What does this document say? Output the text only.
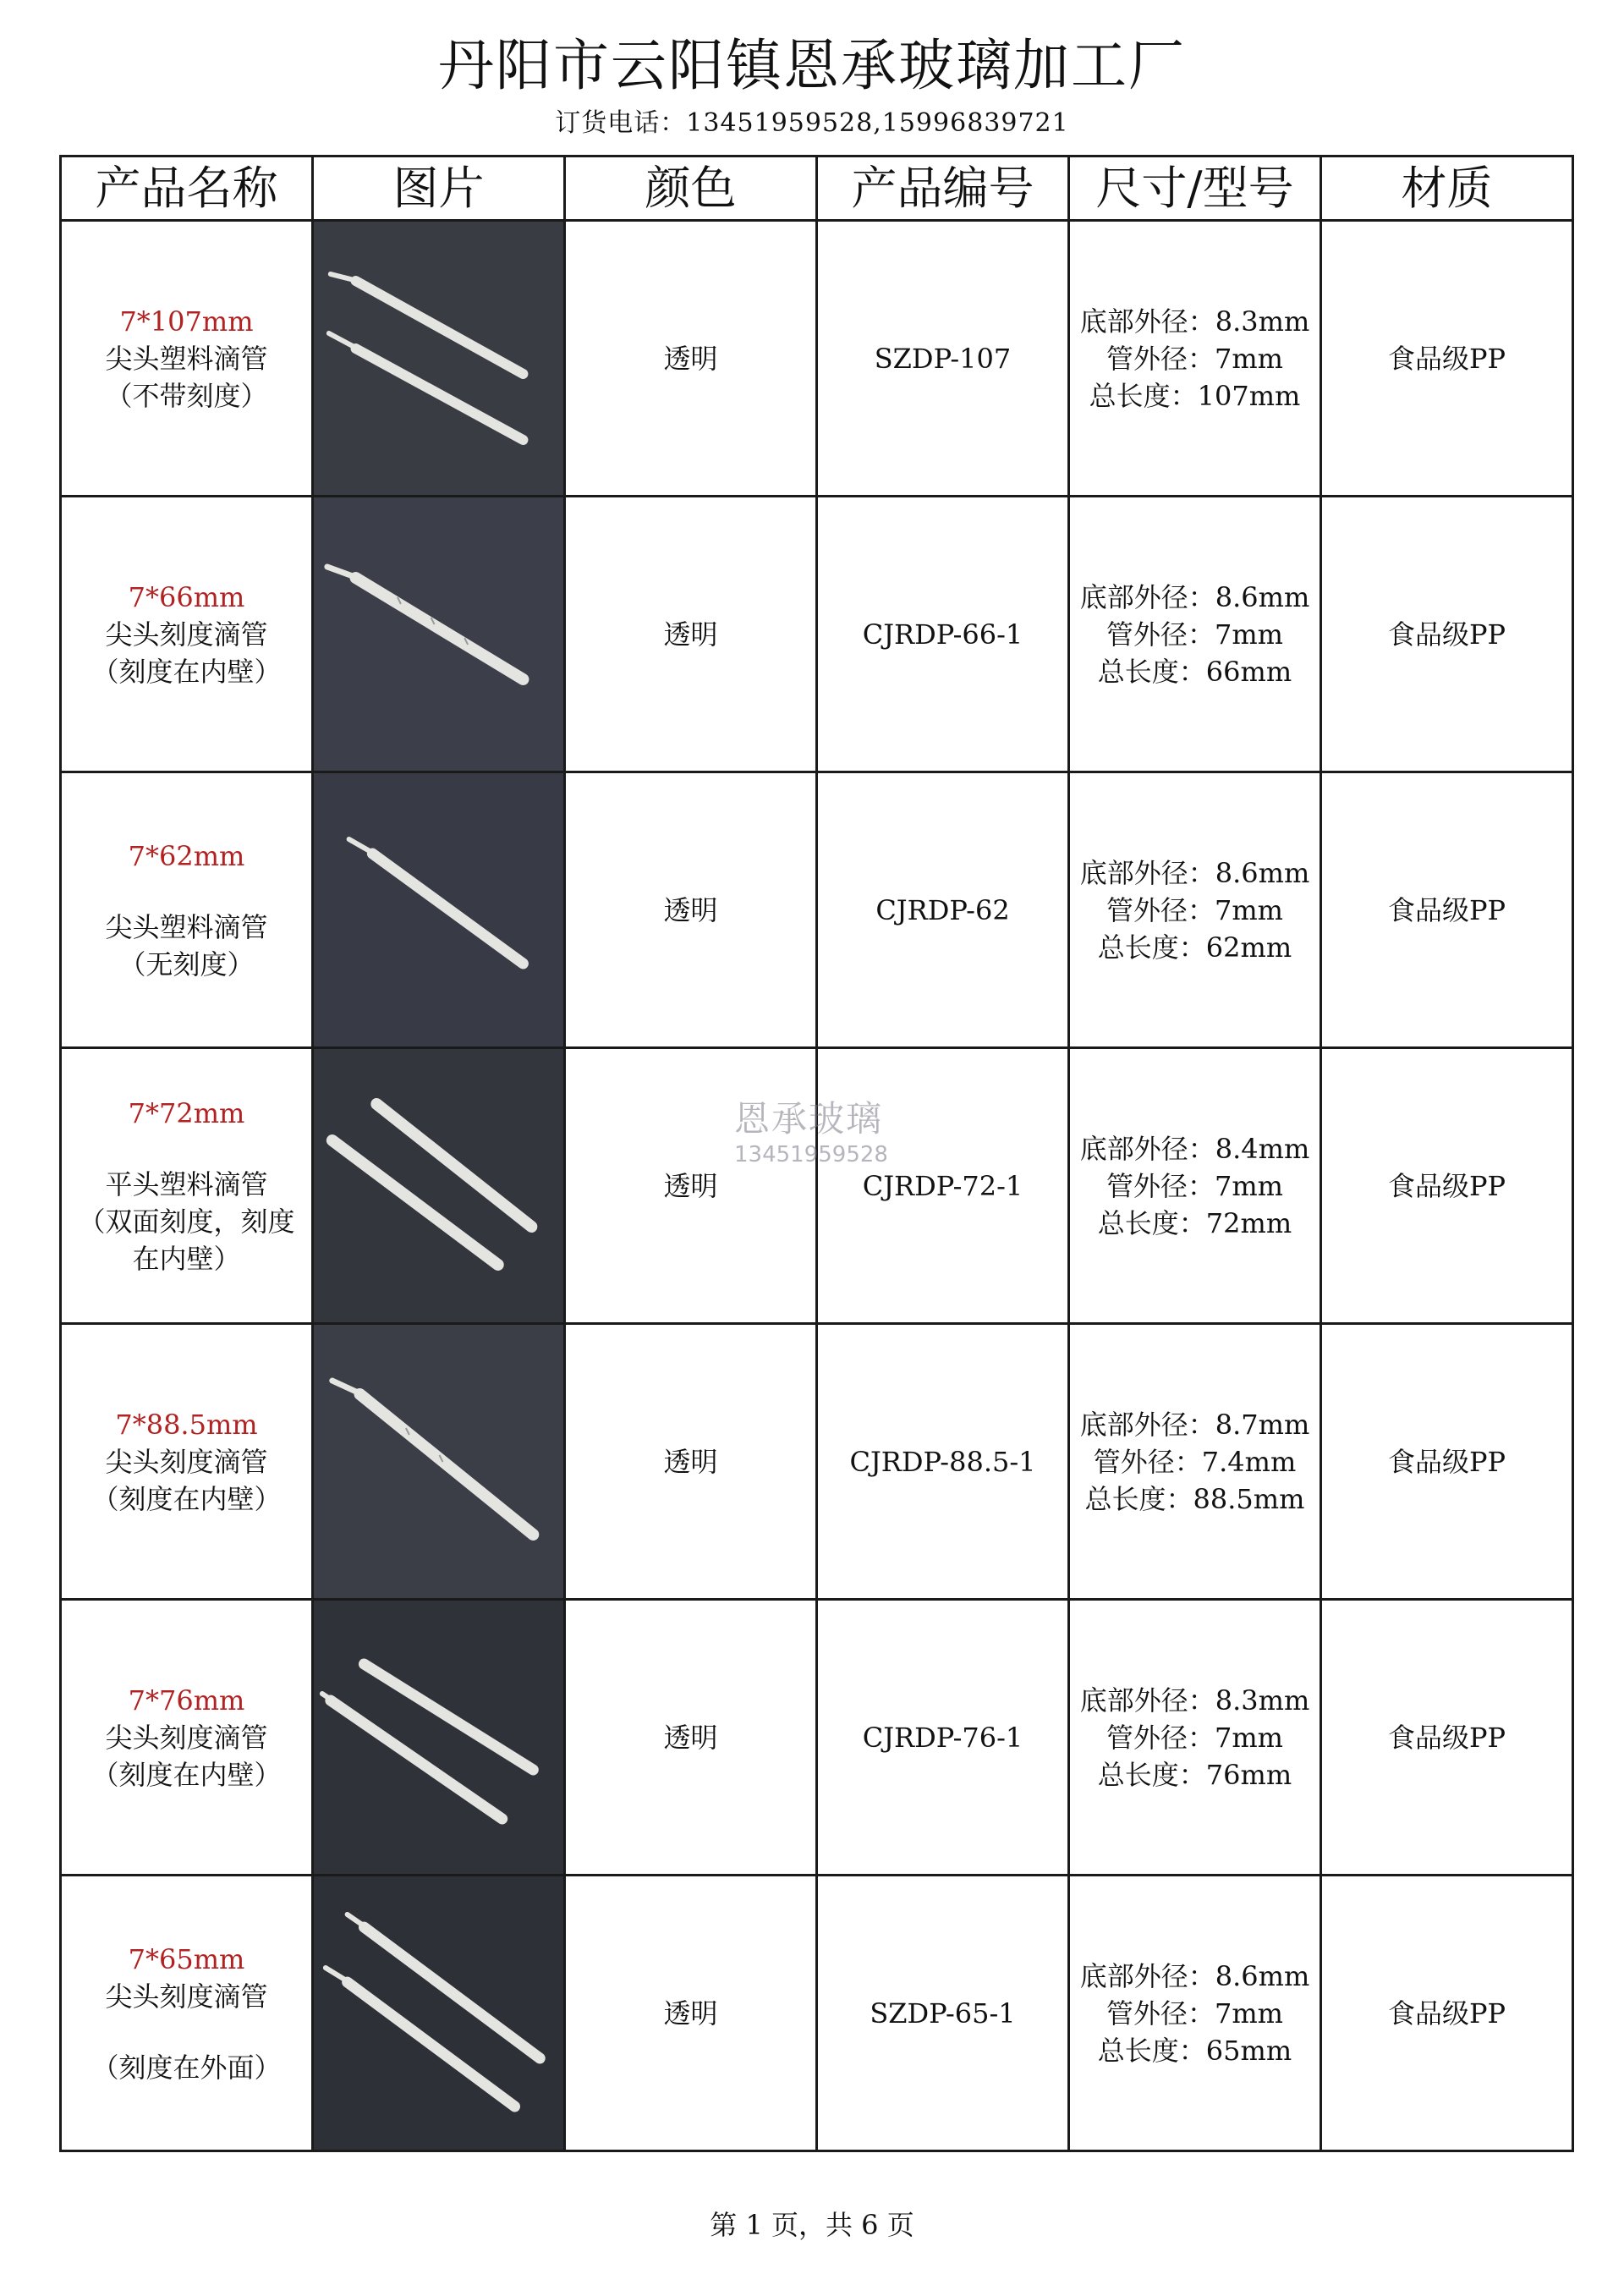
丹阳市云阳镇恩承玻璃加工厂
订货电话：13451959528,15996839721
产品名称	图片	颜色	产品编号	尺寸/型号	材质

7*107mm
尖头塑料滴管
（不带刻度）		透明	SZDP-107	底部外径：8.3mm
管外径：7mm
总长度：107mm	食品级PP

7*66mm
尖头刻度滴管
（刻度在内壁）		透明	CJRDP-66-1	底部外径：8.6mm
管外径：7mm
总长度：66mm	食品级PP

7*62mm
尖头塑料滴管
（无刻度）		透明	CJRDP-62	底部外径：8.6mm
管外径：7mm
总长度：62mm	食品级PP

7*72mm
平头塑料滴管
（双面刻度，刻度
在内壁）		透明	CJRDP-72-1	底部外径：8.4mm
管外径：7mm
总长度：72mm	食品级PP

7*88.5mm
尖头刻度滴管
（刻度在内壁）		透明	CJRDP-88.5-1	底部外径：8.7mm
管外径：7.4mm
总长度：88.5mm	食品级PP

7*76mm
尖头刻度滴管
（刻度在内壁）		透明	CJRDP-76-1	底部外径：8.3mm
管外径：7mm
总长度：76mm	食品级PP

7*65mm
尖头刻度滴管
（刻度在外面）		透明	SZDP-65-1	底部外径：8.6mm
管外径：7mm
总长度：65mm	食品级PP
恩承玻璃
13451959528
第 1 页，共 6 页
